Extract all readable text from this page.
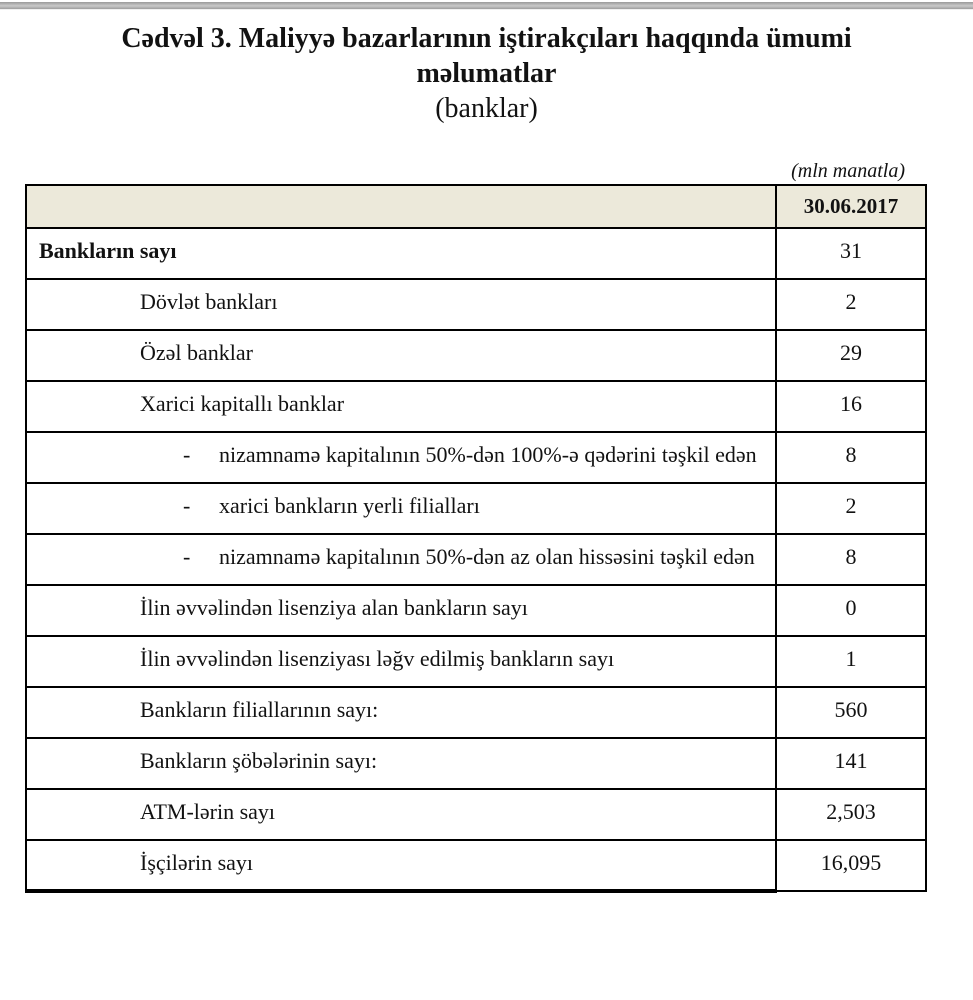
Cədvəl 3. Maliyyə bazarlarının iştirakçıları haqqında ümumi
məlumatlar
(banklar)
(mln manatla)
	30.06.2017

Bankların sayı	31

Dövlət bankları	2

Özəl banklar	29

Xarici kapitallı banklar	16

- nizamnamə kapitalının 50%-dən 100%-ə qədərini təşkil edən	8

- xarici bankların yerli filialları	2

- nizamnamə kapitalının 50%-dən az olan hissəsini təşkil edən	8

İlin əvvəlindən lisenziya alan bankların sayı	0

İlin əvvəlindən lisenziyası ləğv edilmiş bankların sayı	1

Bankların filiallarının sayı:	560

Bankların şöbələrinin sayı:	141

ATM-lərin sayı	2,503

İşçilərin sayı	16,095
